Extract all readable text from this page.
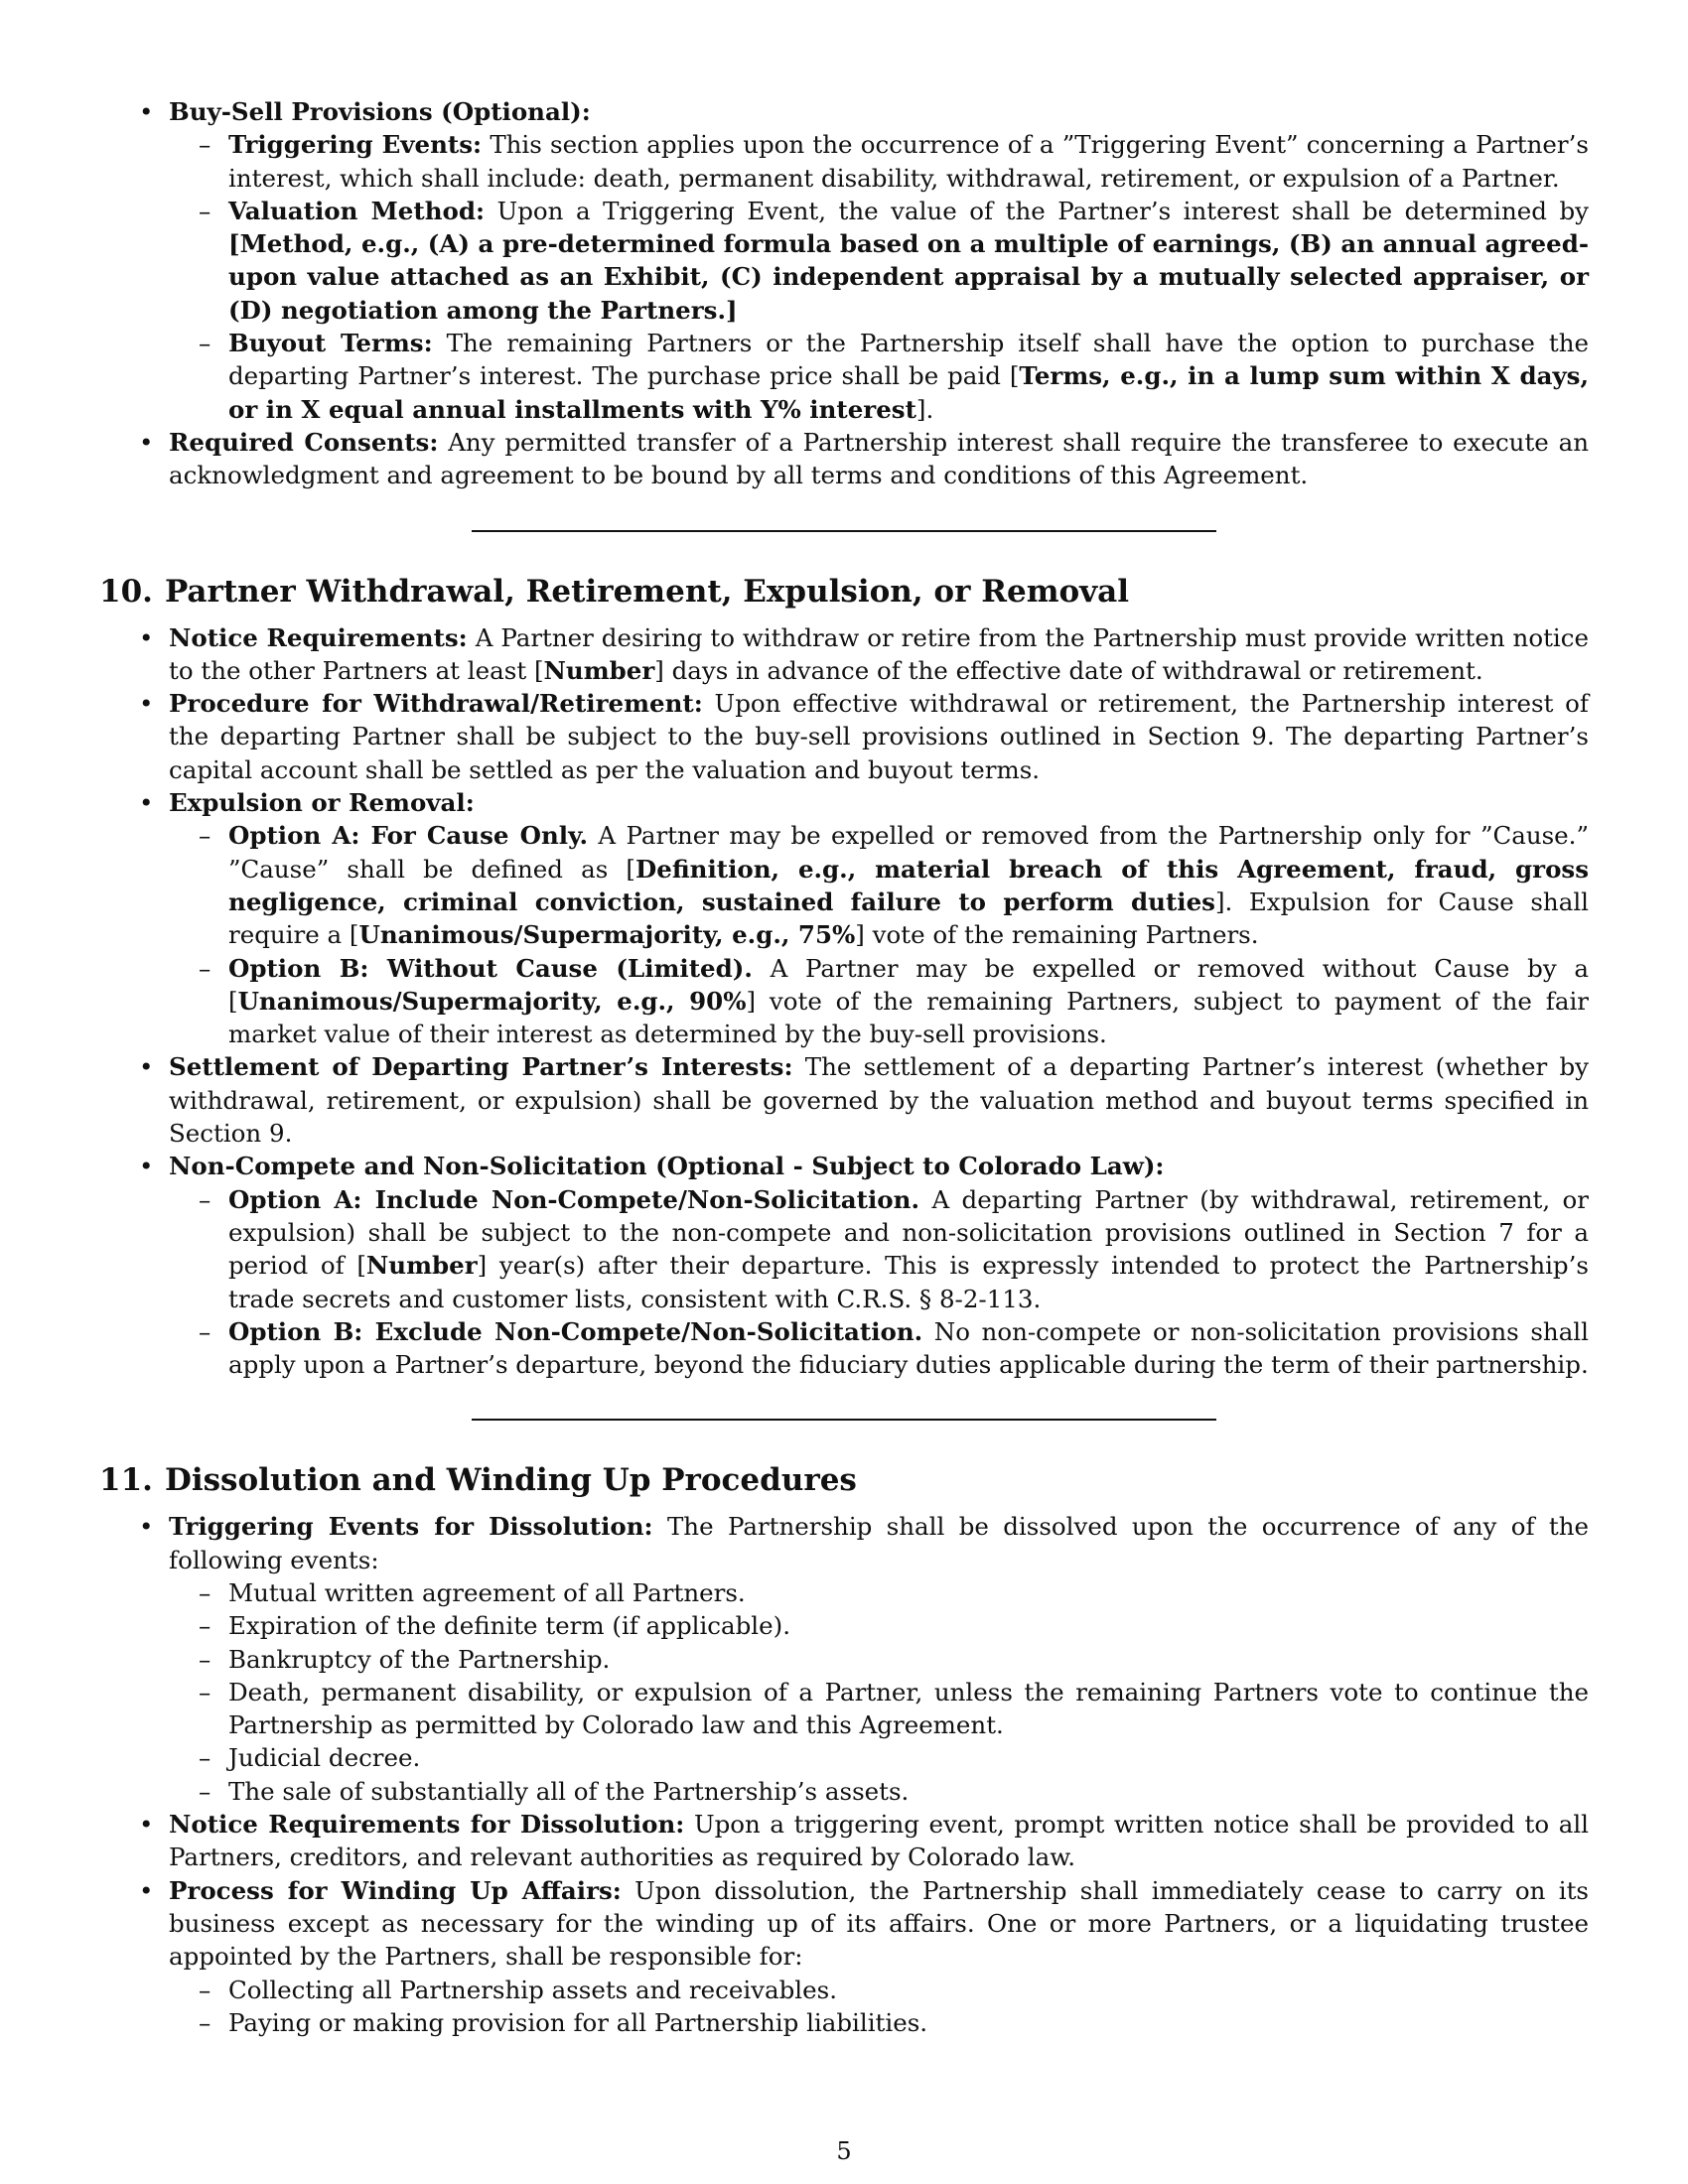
• Buy-Sell Provisions (Optional):
– Triggering Events: This section applies upon the occurrence of a ”Triggering Event” concerning a Partner’s interest, which shall include: death, permanent disability, withdrawal, retirement, or expulsion of a Partner.
– Valuation Method: Upon a Triggering Event, the value of the Partner’s interest shall be determined by [Method, e.g., (A) a pre-determined formula based on a multiple of earnings, (B) an annual agreed-upon value attached as an Exhibit, (C) independent appraisal by a mutually selected appraiser, or (D) negotiation among the Partners.]
– Buyout Terms: The remaining Partners or the Partnership itself shall have the option to purchase the departing Partner’s interest. The purchase price shall be paid [Terms, e.g., in a lump sum within X days, or in X equal annual installments with Y% interest].
• Required Consents: Any permitted transfer of a Partnership interest shall require the transferee to execute an acknowledgment and agreement to be bound by all terms and conditions of this Agreement.
10. Partner Withdrawal, Retirement, Expulsion, or Removal
• Notice Requirements: A Partner desiring to withdraw or retire from the Partnership must provide written notice to the other Partners at least [Number] days in advance of the effective date of withdrawal or retirement.
• Procedure for Withdrawal/Retirement: Upon effective withdrawal or retirement, the Partnership interest of the departing Partner shall be subject to the buy-sell provisions outlined in Section 9. The departing Partner’s capital account shall be settled as per the valuation and buyout terms.
• Expulsion or Removal:
– Option A: For Cause Only. A Partner may be expelled or removed from the Partnership only for ”Cause.” ”Cause” shall be defined as [Definition, e.g., material breach of this Agreement, fraud, gross negligence, criminal conviction, sustained failure to perform duties]. Expulsion for Cause shall require a [Unanimous/Supermajority, e.g., 75%] vote of the remaining Partners.
– Option B: Without Cause (Limited). A Partner may be expelled or removed without Cause by a [Unanimous/Supermajority, e.g., 90%] vote of the remaining Partners, subject to payment of the fair market value of their interest as determined by the buy-sell provisions.
• Settlement of Departing Partner’s Interests: The settlement of a departing Partner’s interest (whether by withdrawal, retirement, or expulsion) shall be governed by the valuation method and buyout terms specified in Section 9.
• Non-Compete and Non-Solicitation (Optional - Subject to Colorado Law):
– Option A: Include Non-Compete/Non-Solicitation. A departing Partner (by withdrawal, retirement, or expulsion) shall be subject to the non-compete and non-solicitation provisions outlined in Section 7 for a period of [Number] year(s) after their departure. This is expressly intended to protect the Partnership’s trade secrets and customer lists, consistent with C.R.S. § 8-2-113.
– Option B: Exclude Non-Compete/Non-Solicitation. No non-compete or non-solicitation provisions shall apply upon a Partner’s departure, beyond the fiduciary duties applicable during the term of their partnership.
11. Dissolution and Winding Up Procedures
• Triggering Events for Dissolution: The Partnership shall be dissolved upon the occurrence of any of the following events:
– Mutual written agreement of all Partners.
– Expiration of the definite term (if applicable).
– Bankruptcy of the Partnership.
– Death, permanent disability, or expulsion of a Partner, unless the remaining Partners vote to continue the Partnership as permitted by Colorado law and this Agreement.
– Judicial decree.
– The sale of substantially all of the Partnership’s assets.
• Notice Requirements for Dissolution: Upon a triggering event, prompt written notice shall be provided to all Partners, creditors, and relevant authorities as required by Colorado law.
• Process for Winding Up Affairs: Upon dissolution, the Partnership shall immediately cease to carry on its business except as necessary for the winding up of its affairs. One or more Partners, or a liquidating trustee appointed by the Partners, shall be responsible for:
– Collecting all Partnership assets and receivables.
– Paying or making provision for all Partnership liabilities.
5
